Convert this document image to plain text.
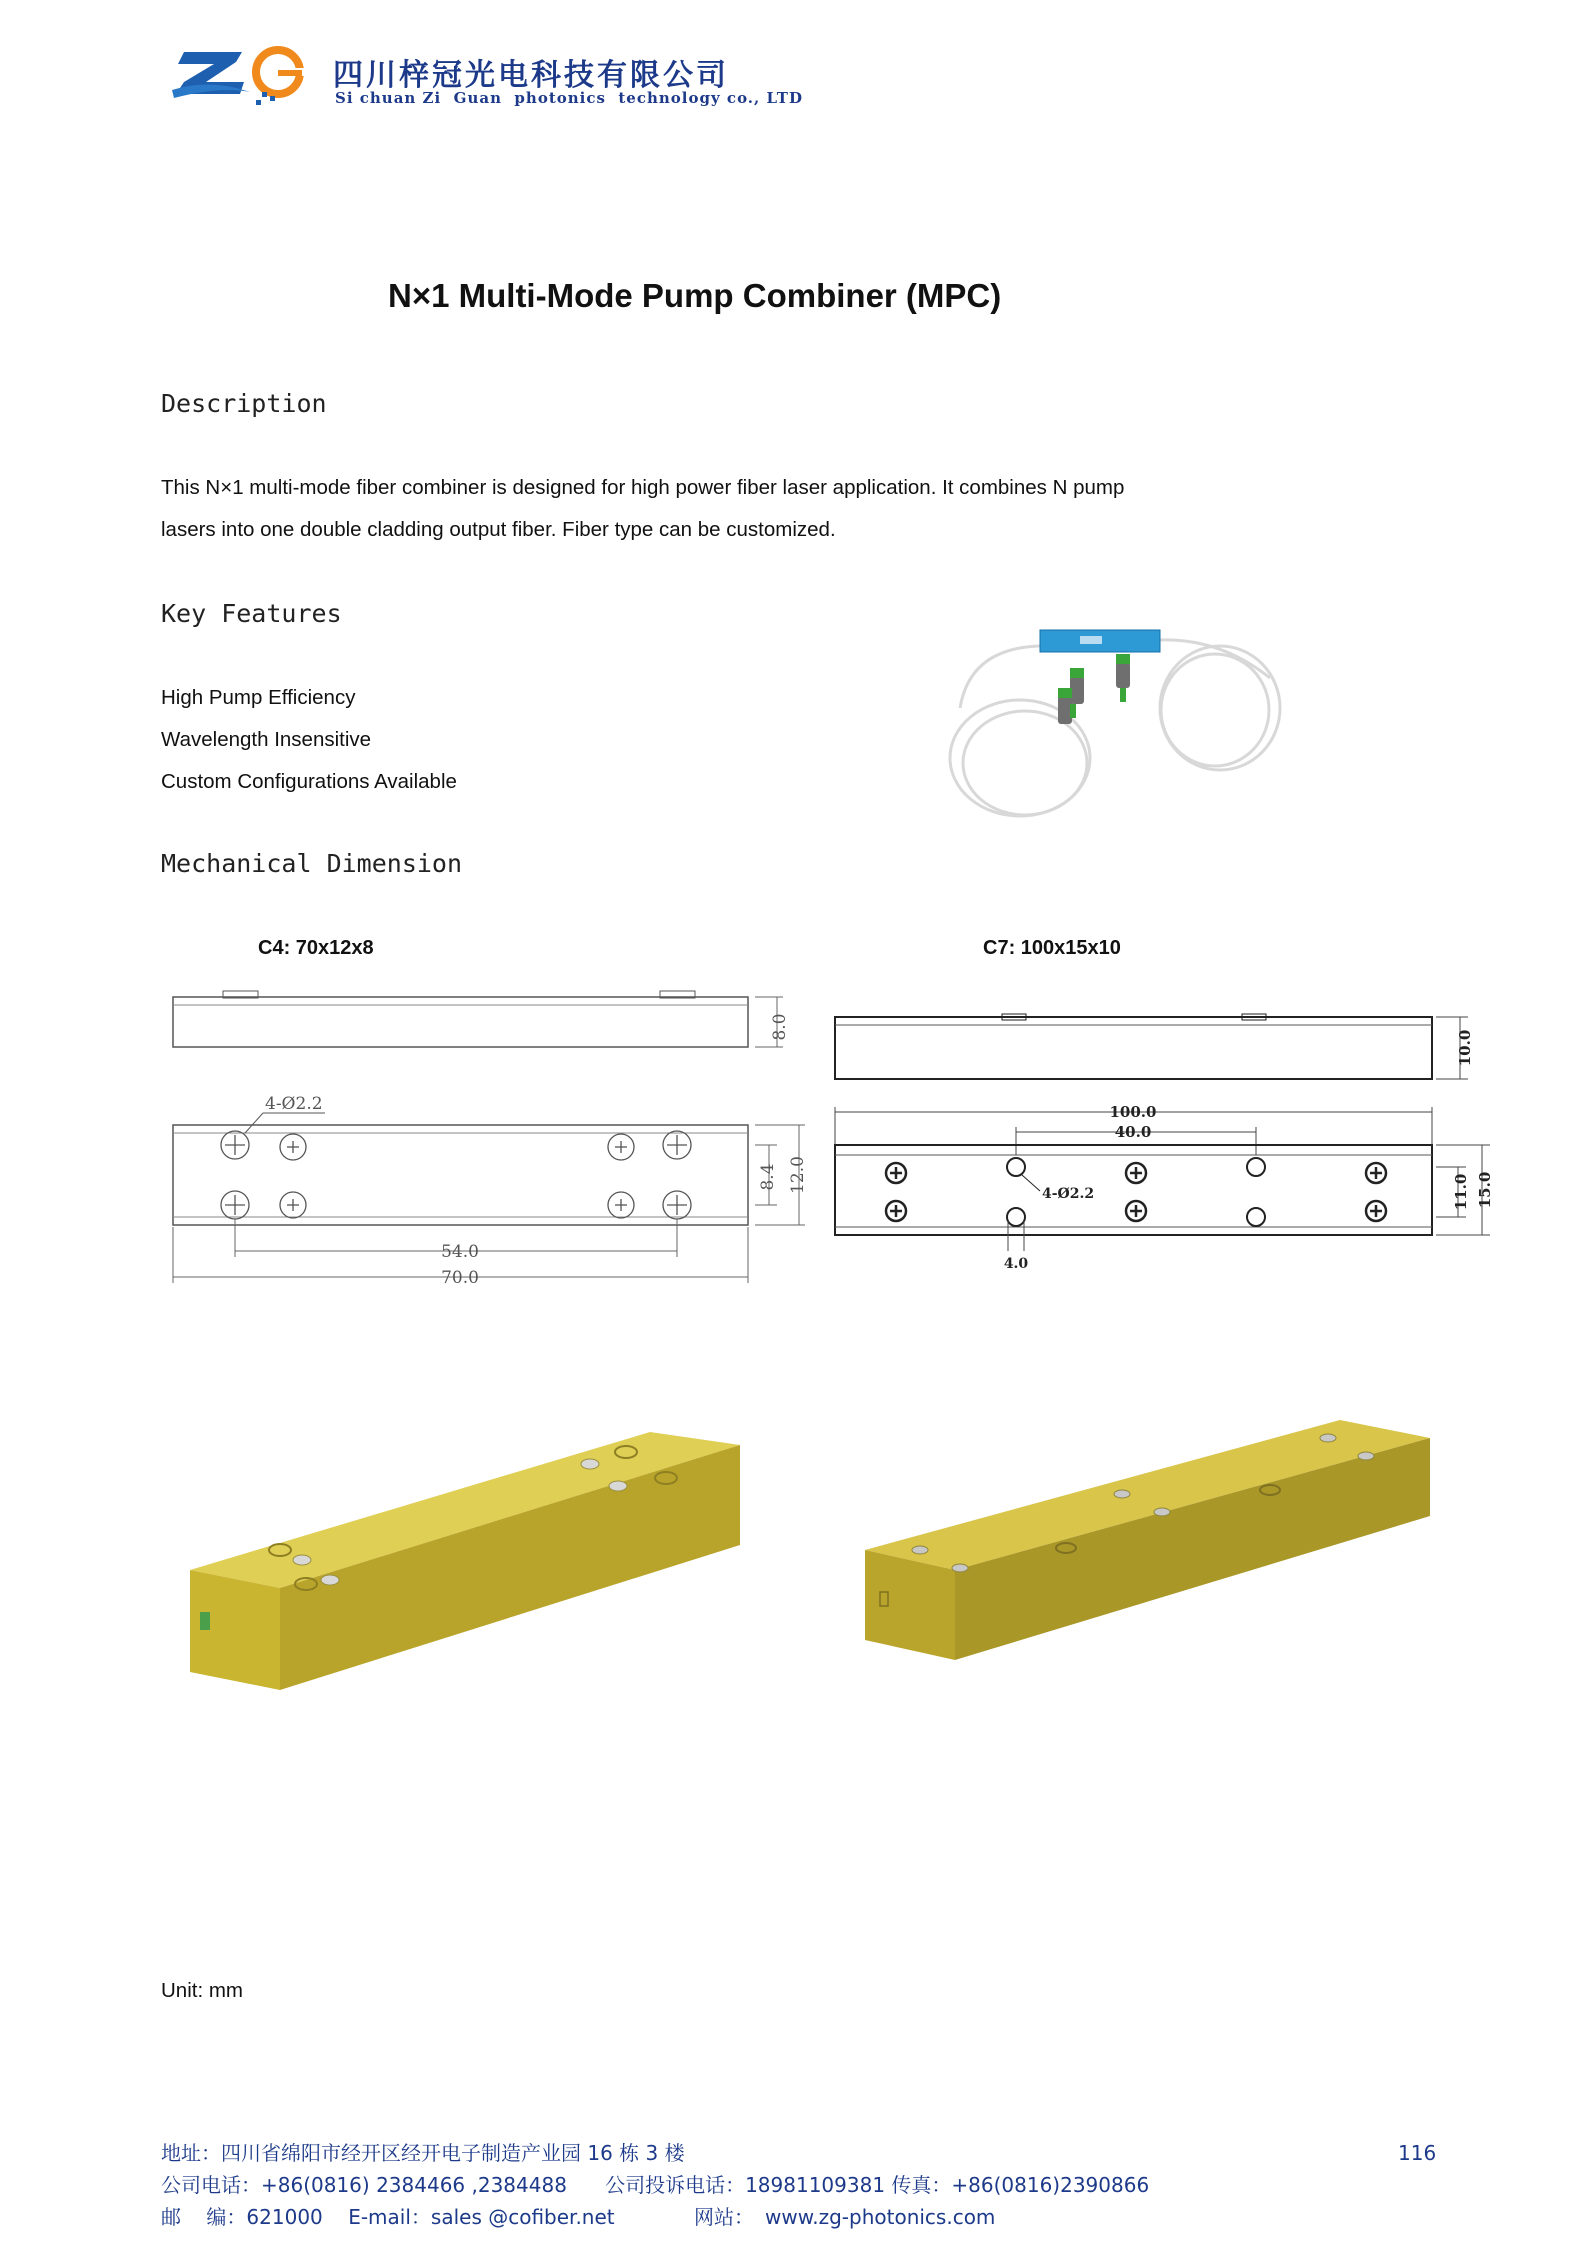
四川梓冠光电科技有限公司
Si chuan Zi  Guan  photonics  technology co., LTD
N×1 Multi-Mode Pump Combiner (MPC)
Description
This N×1 multi-mode fiber combiner is designed for high power fiber laser application. It combines N pump
lasers into one double cladding output fiber. Fiber type can be customized.
Key Features
High Pump Efficiency
Wavelength Insensitive
Custom Configurations Available
Mechanical Dimension
C4: 70x12x8	C7: 100x15x10
8.0
4-Ø2.2
8.4 12.0
54.0
70.0
10.0
100.0
40.0
4-Ø2.2	11.0 15.0
4.0
Unit: mm
地址：四川省绵阳市经开区经开电子制造产业园 16 栋 3 楼
公司电话：+86(0816) 2384466 ,2384488      公司投诉电话：18981109381 传真：+86(0816)2390866
邮    编：621000    E-mail：sales @cofiber.net	网站： www.zg-photonics.com
116
